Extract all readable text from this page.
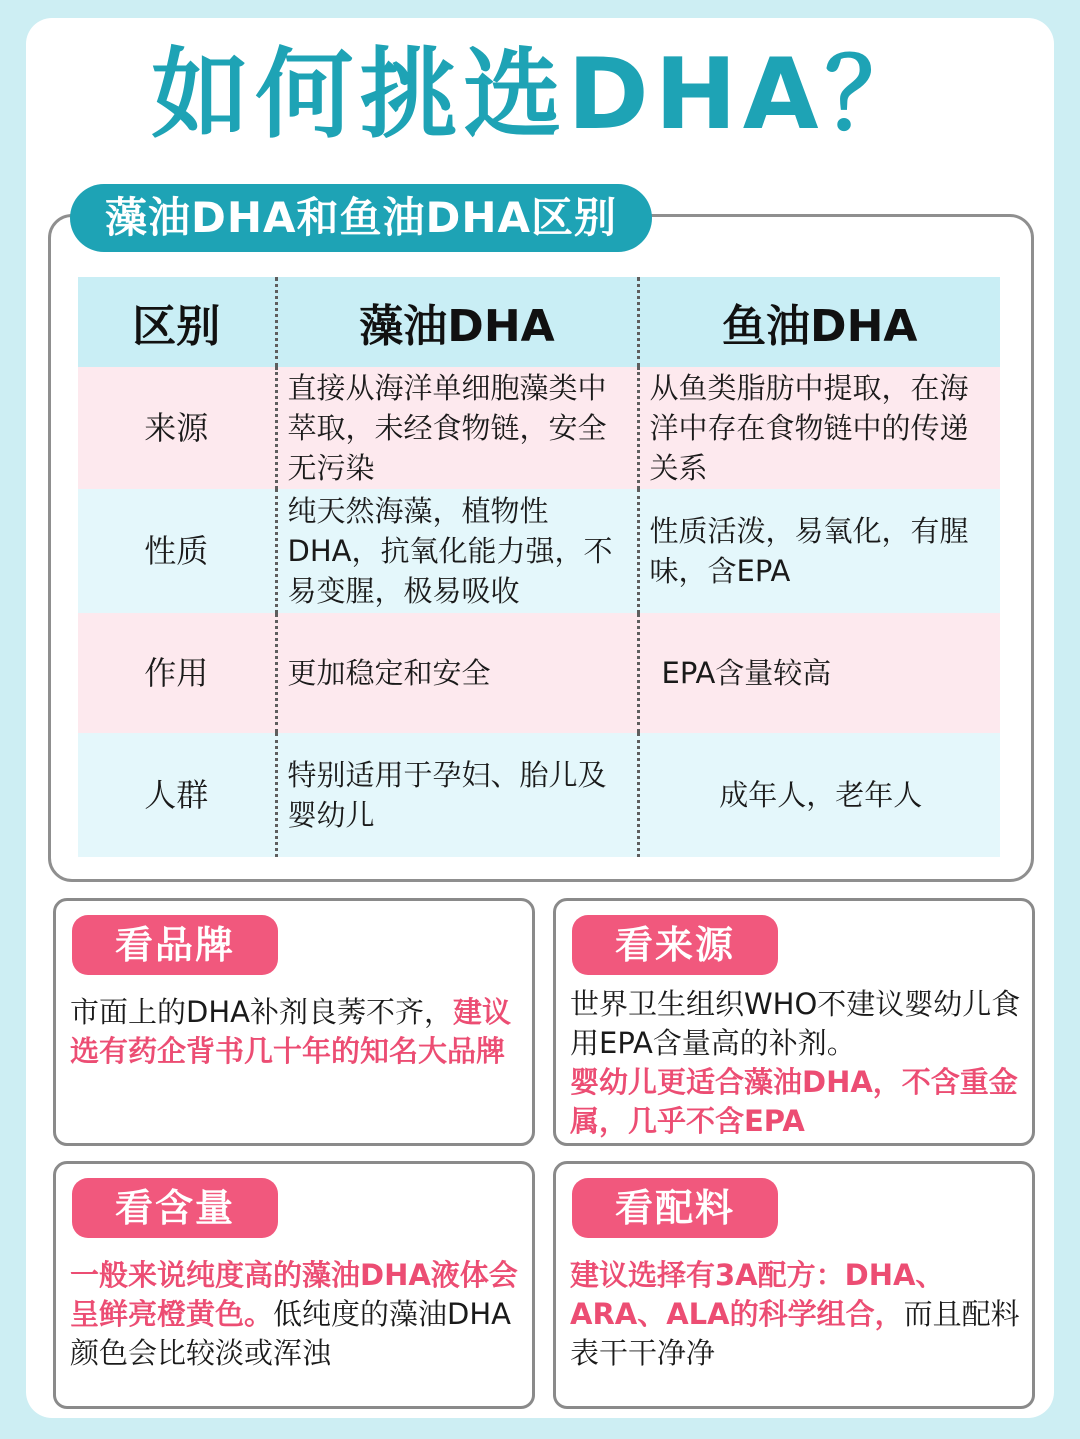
如何挑选DHA？
藻油DHA和鱼油DHA区别
区别	藻油DHA	鱼油DHA
来源	直接从海洋单细胞藻类中萃取，未经食物链，安全无污染	从鱼类脂肪中提取，在海洋中存在食物链中的传递关系
性质	纯天然海藻，植物性DHA，抗氧化能力强，不易变腥，极易吸收	性质活泼，易氧化，有腥味，含EPA
作用	更加稳定和安全	EPA含量较高
人群	特别适用于孕妇、胎儿及婴幼儿	成年人，老年人
看品牌
市面上的DHA补剂良莠不齐，建议选有药企背书几十年的知名大品牌
看来源
世界卫生组织WHO不建议婴幼儿食用EPA含量高的补剂。
婴幼儿更适合藻油DHA，不含重金属，几乎不含EPA
看含量
一般来说纯度高的藻油DHA液体会呈鲜亮橙黄色。低纯度的藻油DHA颜色会比较淡或浑浊
看配料
建议选择有3A配方：DHA、ARA、ALA的科学组合，而且配料表干干净净
